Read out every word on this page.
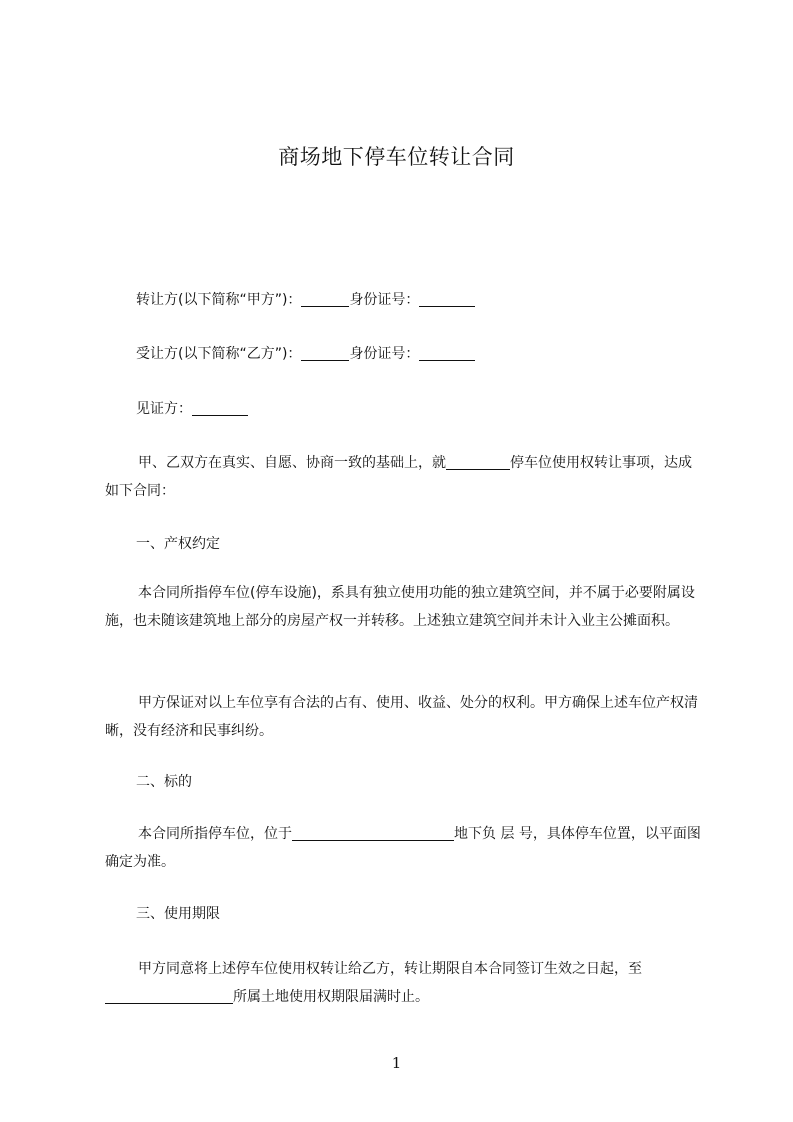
商场地下停车位转让合同
转让方(以下简称“甲方”)：	身份证号：
受让方(以下简称“乙方”)：	身份证号：
见证方：
甲、乙双方在真实、自愿、协商一致的基础上，就	停车位使用权转让事项，达成如下合同：
一、产权约定
本合同所指停车位(停车设施)，系具有独立使用功能的独立建筑空间，并不属于必要附属设施，也未随该建筑地上部分的房屋产权一并转移。上述独立建筑空间并未计入业主公摊面积。
甲方保证对以上车位享有合法的占有、使用、收益、处分的权利。甲方确保上述车位产权清晰，没有经济和民事纠纷。
二、标的
本合同所指停车位，位于	地下负 层 号，具体停车位置，以平面图确定为准。
三、使用期限
甲方同意将上述停车位使用权转让给乙方，转让期限自本合同签订生效之日起，至所属土地使用权期限届满时止。
1
